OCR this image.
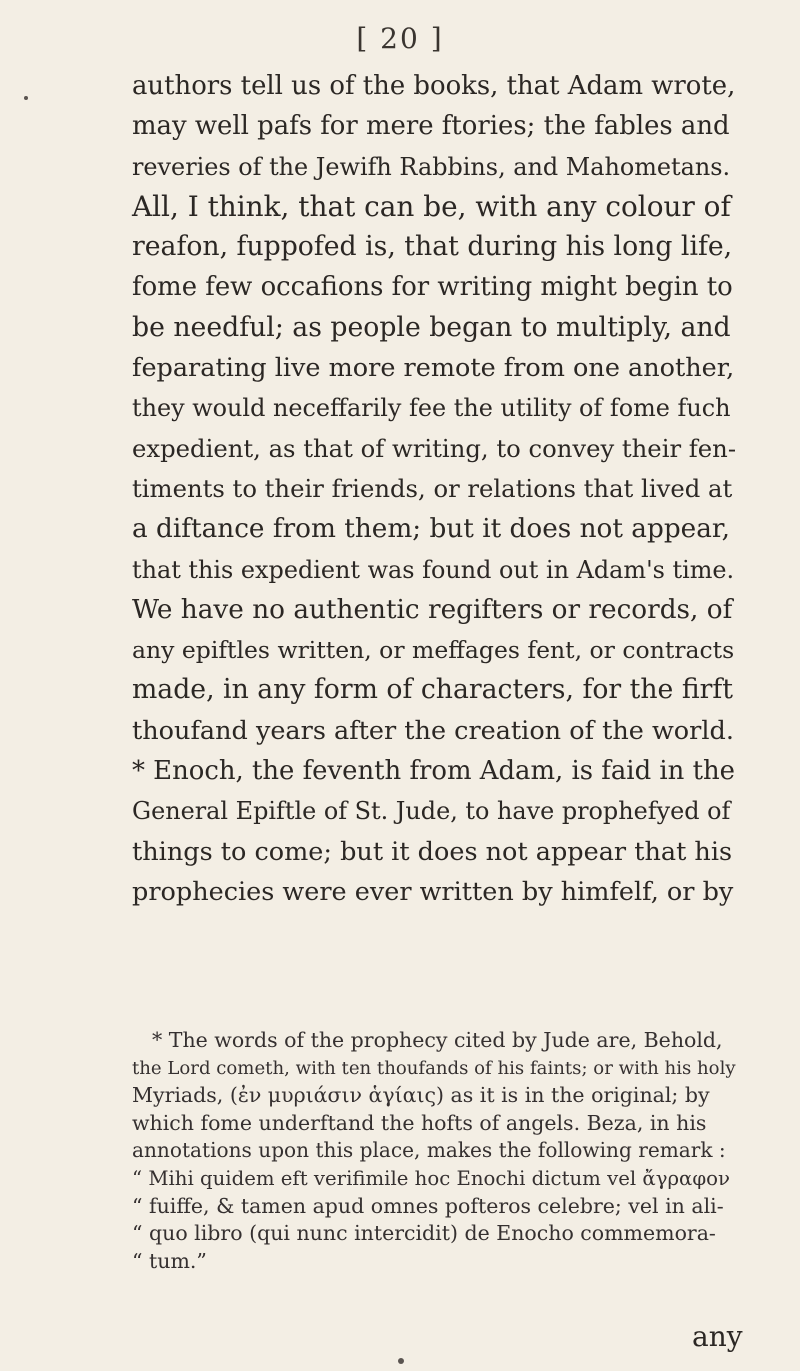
[ 20 ]
authors tell us of the books, that Adam wrote,
may well pafs for mere ftories; the fables and
reveries of the Jewifh Rabbins, and Mahometans.
All, I think, that can be, with any colour of
reafon, fuppofed is, that during his long life,
fome few occafions for writing might begin to
be needful; as people began to multiply, and
feparating live more remote from one another,
they would neceffarily fee the utility of fome fuch
expedient, as that of writing, to convey their fen-
timents to their friends, or relations that lived at
a diftance from them; but it does not appear,
that this expedient was found out in Adam's time.
We have no authentic regifters or records, of
any epiftles written, or meffages fent, or contracts
made, in any form of characters, for the firft
thoufand years after the creation of the world.
* Enoch, the feventh from Adam, is faid in the
General Epiftle of St. Jude, to have prophefyed of
things to come; but it does not appear that his
prophecies were ever written by himfelf, or by
* The words of the prophecy cited by Jude are, Behold,
the Lord cometh, with ten thoufands of his faints; or with his holy
Myriads, (ἐν μυριάσιν ἁγίαις) as it is in the original; by
which fome underftand the hofts of angels. Beza, in his
annotations upon this place, makes the following remark :
“ Mihi quidem eft verifimile hoc Enochi dictum vel ἄγραφον
“ fuiffe, & tamen apud omnes pofteros celebre; vel in ali-
“ quo libro (qui nunc intercidit) de Enocho commemora-
“ tum.”
any
